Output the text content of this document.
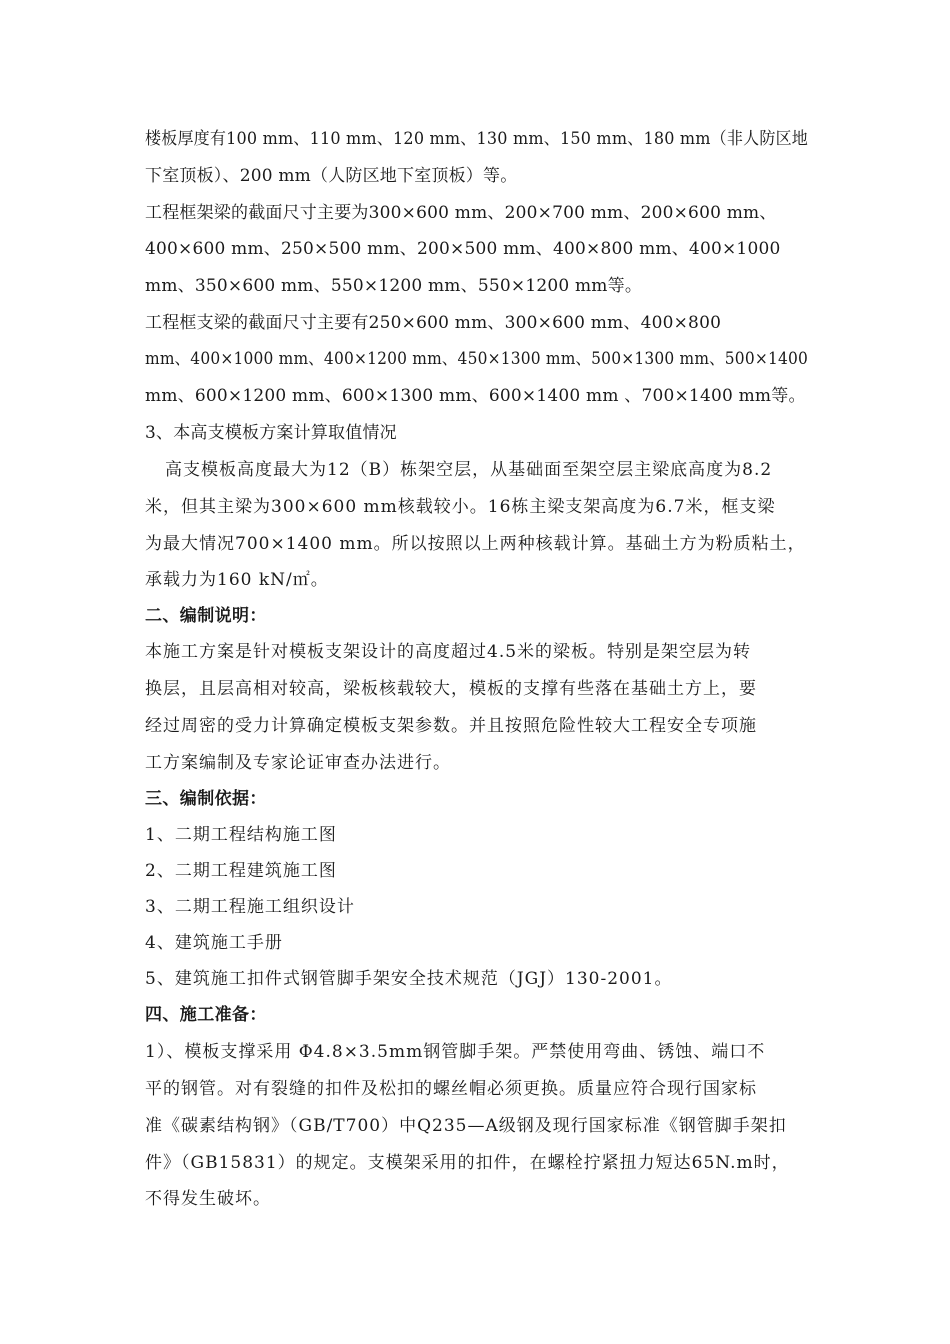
楼板厚度有100 mm、110 mm、120 mm、130 mm、150 mm、180 mm（非人防区地
下室顶板）、200 mm（人防区地下室顶板）等。
工程框架梁的截面尺寸主要为300×600 mm、200×700 mm、200×600 mm、
400×600 mm、250×500 mm、200×500 mm、400×800 mm、400×1000
mm、350×600 mm、550×1200 mm、550×1200 mm等。
工程框支梁的截面尺寸主要有250×600 mm、300×600 mm、400×800
mm、400×1000 mm、400×1200 mm、450×1300 mm、500×1300 mm、500×1400
mm、600×1200 mm、600×1300 mm、600×1400 mm 、700×1400 mm等。
3、本高支模板方案计算取值情况
高支模板高度最大为12（B）栋架空层，从基础面至架空层主梁底高度为8.2
米，但其主梁为300×600 mm核载较小。16栋主梁支架高度为6.7米，框支梁
为最大情况700×1400 mm。所以按照以上两种核载计算。基础土方为粉质粘土，
承载力为160 kN/㎡。
二、编制说明：
本施工方案是针对模板支架设计的高度超过4.5米的梁板。特别是架空层为转
换层，且层高相对较高，梁板核载较大，模板的支撑有些落在基础土方上，要
经过周密的受力计算确定模板支架参数。并且按照危险性较大工程安全专项施
工方案编制及专家论证审查办法进行。
三、编制依据：
1、二期工程结构施工图
2、二期工程建筑施工图
3、二期工程施工组织设计
4、建筑施工手册
5、建筑施工扣件式钢管脚手架安全技术规范（JGJ）130-2001。
四、施工准备：
1）、模板支撑采用 Φ4.8×3.5mm钢管脚手架。严禁使用弯曲、锈蚀、端口不
平的钢管。对有裂缝的扣件及松扣的螺丝帽必须更换。质量应符合现行国家标
准《碳素结构钢》（GB/T700）中Q235—A级钢及现行国家标准《钢管脚手架扣
件》（GB15831）的规定。支模架采用的扣件，在螺栓拧紧扭力短达65N.m时，
不得发生破坏。
